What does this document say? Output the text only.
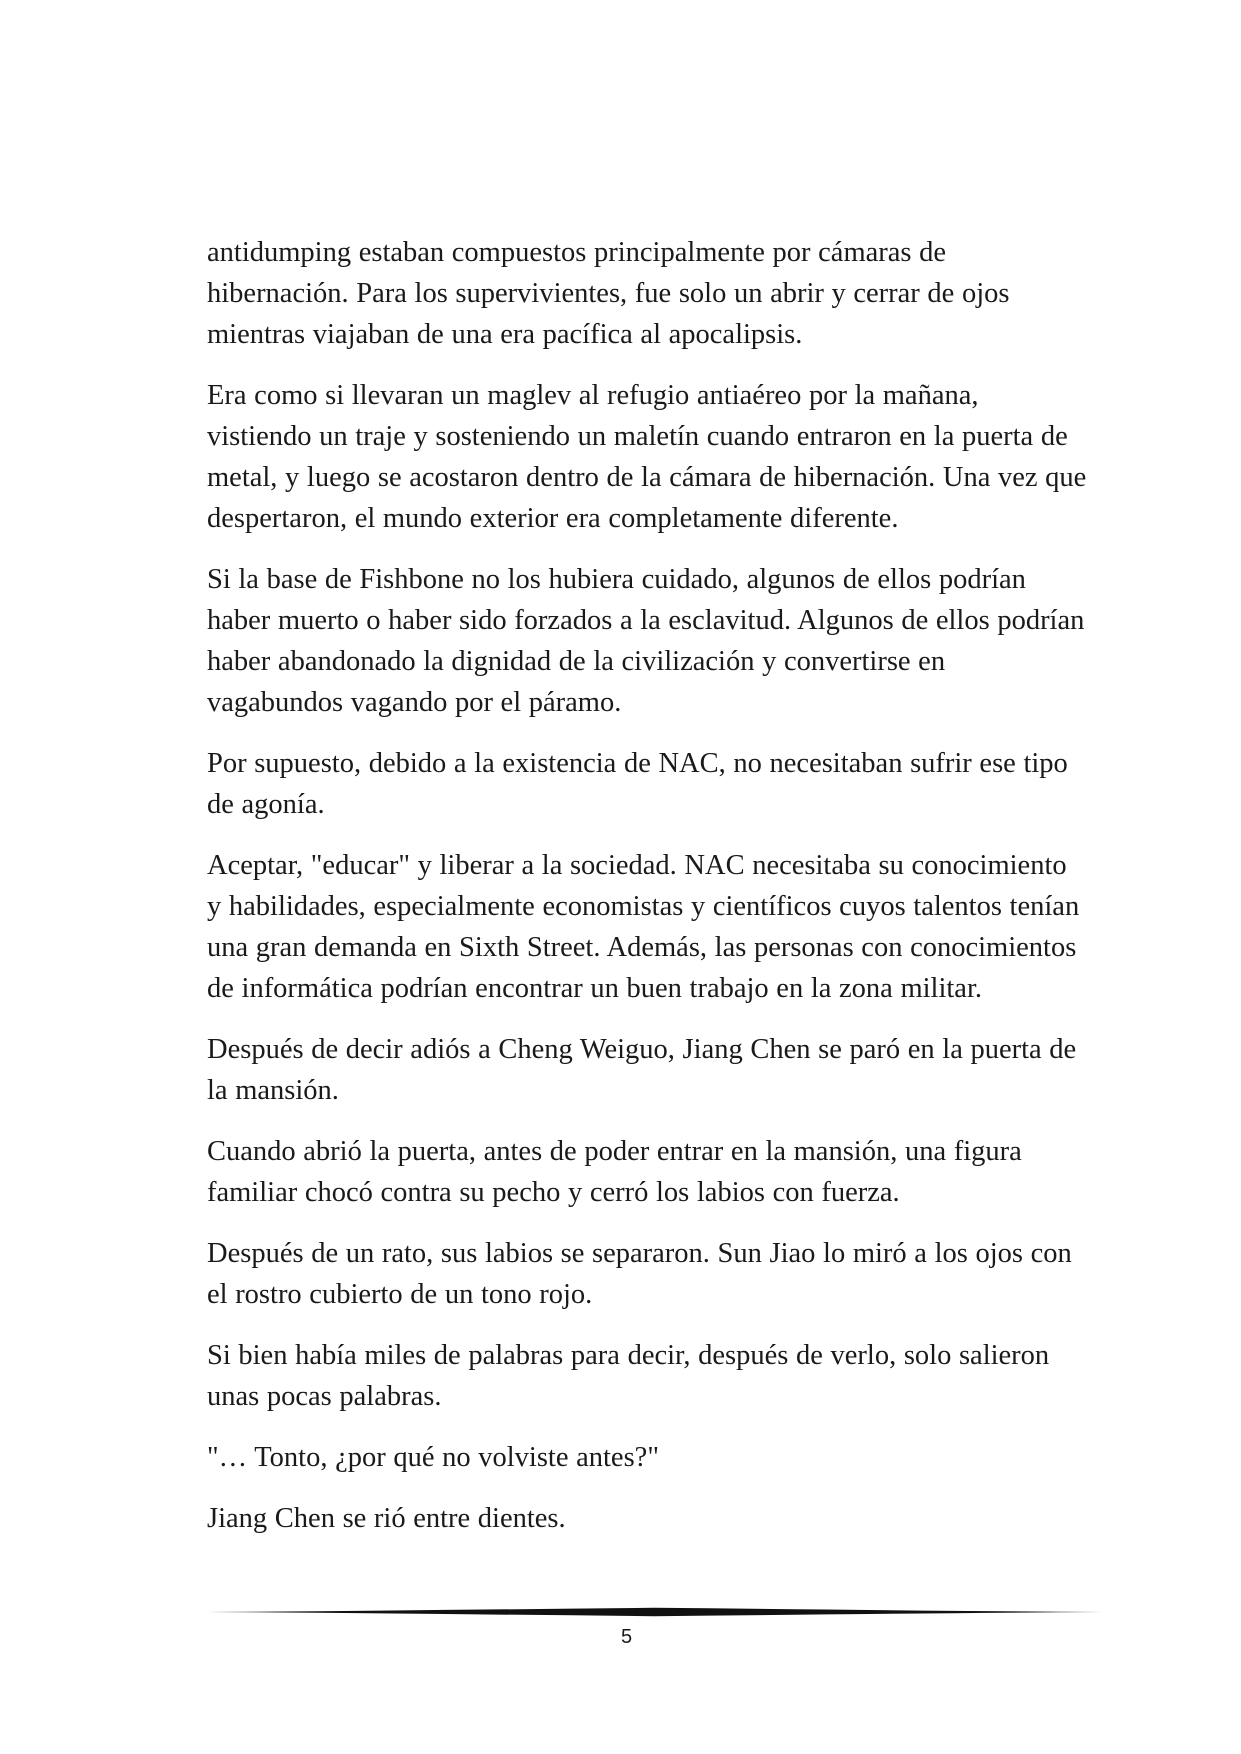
antidumping estaban compuestos principalmente por cámaras de hibernación. Para los supervivientes, fue solo un abrir y cerrar de ojos mientras viajaban de una era pacífica al apocalipsis.

Era como si llevaran un maglev al refugio antiaéreo por la mañana, vistiendo un traje y sosteniendo un maletín cuando entraron en la puerta de metal, y luego se acostaron dentro de la cámara de hibernación. Una vez que despertaron, el mundo exterior era completamente diferente.

Si la base de Fishbone no los hubiera cuidado, algunos de ellos podrían haber muerto o haber sido forzados a la esclavitud. Algunos de ellos podrían haber abandonado la dignidad de la civilización y convertirse en vagabundos vagando por el páramo.

Por supuesto, debido a la existencia de NAC, no necesitaban sufrir ese tipo de agonía.

Aceptar, "educar" y liberar a la sociedad. NAC necesitaba su conocimiento y habilidades, especialmente economistas y científicos cuyos talentos tenían una gran demanda en Sixth Street. Además, las personas con conocimientos de informática podrían encontrar un buen trabajo en la zona militar.

Después de decir adiós a Cheng Weiguo, Jiang Chen se paró en la puerta de la mansión.

Cuando abrió la puerta, antes de poder entrar en la mansión, una figura familiar chocó contra su pecho y cerró los labios con fuerza.

Después de un rato, sus labios se separaron. Sun Jiao lo miró a los ojos con el rostro cubierto de un tono rojo.

Si bien había miles de palabras para decir, después de verlo, solo salieron unas pocas palabras.

"… Tonto, ¿por qué no volviste antes?"

Jiang Chen se rió entre dientes.

5
